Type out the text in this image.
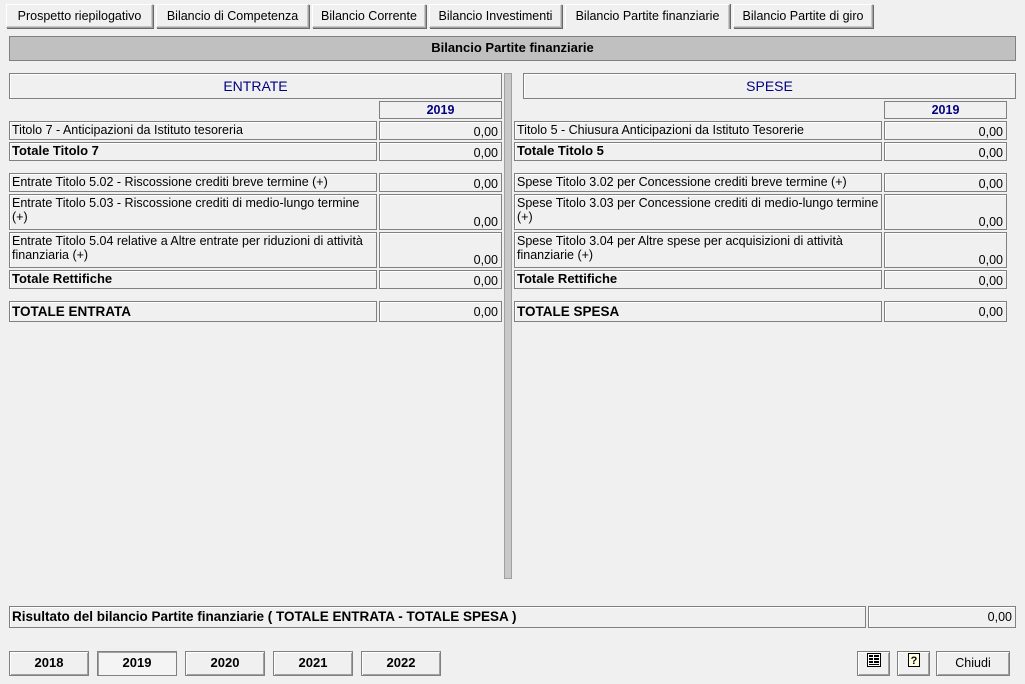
Prospetto riepilogativo	Bilancio di Competenza	Bilancio Corrente	Bilancio Investimenti	Bilancio Partite finanziarie	Bilancio Partite di giro
Bilancio Partite finanziarie
ENTRATE
2019
Titolo 7 - Anticipazioni da Istituto tesoreria	0,00
Totale Titolo 7	0,00
Entrate Titolo 5.02 - Riscossione crediti breve termine (+)	0,00
Entrate Titolo 5.03 - Riscossione crediti di medio-lungo termine (+)	0,00
Entrate Titolo 5.04 relative a Altre entrate per riduzioni di attività finanziaria (+)	0,00
Totale Rettifiche	0,00
TOTALE ENTRATA	0,00
SPESE
2019
Titolo 5 - Chiusura Anticipazioni da Istituto Tesorerie	0,00
Totale Titolo 5	0,00
Spese Titolo 3.02 per Concessione crediti breve termine (+)	0,00
Spese Titolo 3.03 per Concessione crediti di medio-lungo termine (+)	0,00
Spese Titolo 3.04 per Altre spese per acquisizioni di attività finanziarie (+)	0,00
Totale Rettifiche	0,00
TOTALE SPESA	0,00
Risultato del bilancio Partite finanziarie ( TOTALE ENTRATA - TOTALE SPESA )	0,00
2018	2019	2020	2021	2022	?	Chiudi
